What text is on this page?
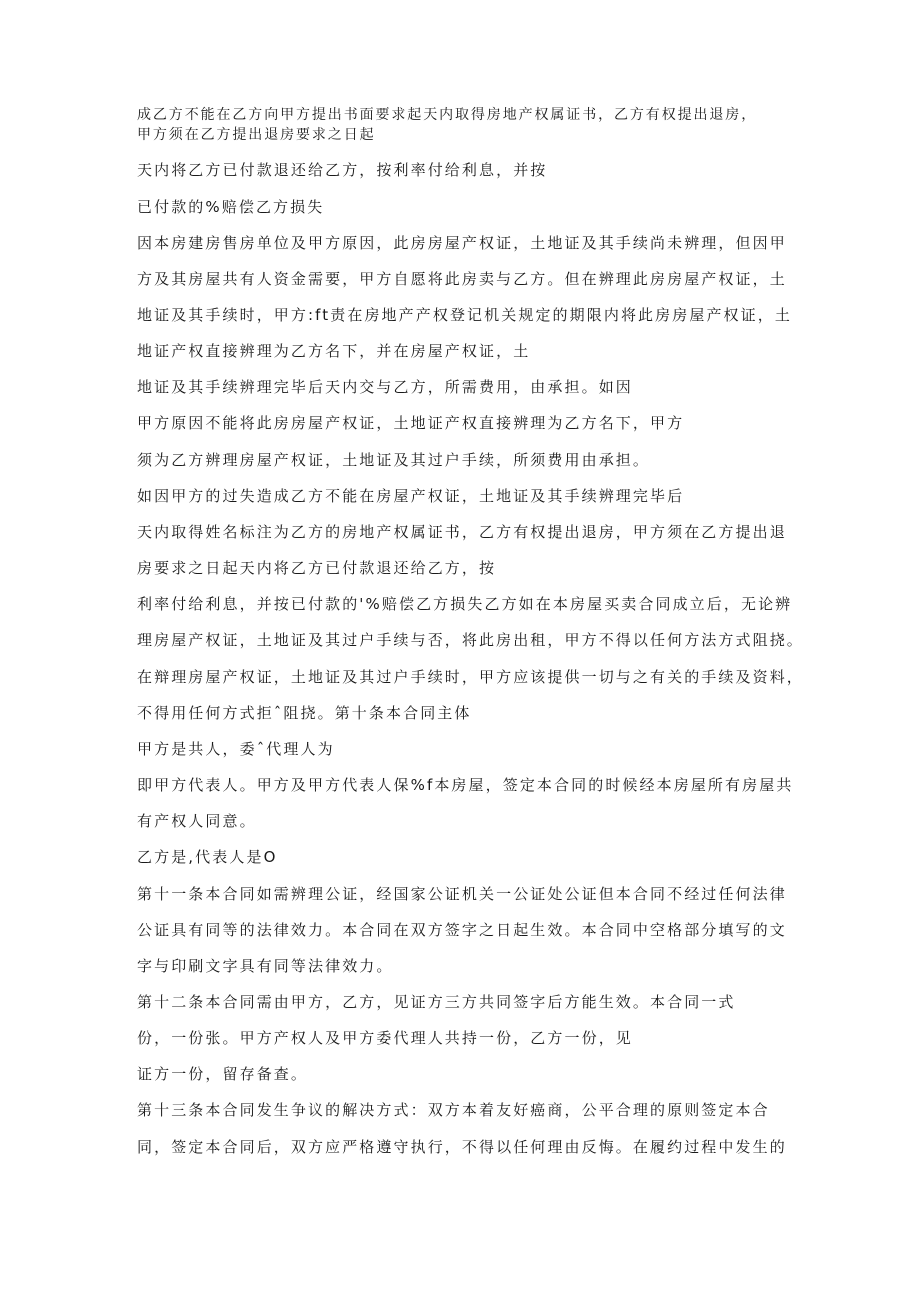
成乙方不能在乙方向甲方提出书面要求起天内取得房地产权属证书，乙方有权提出退房，
甲方须在乙方提出退房要求之日起
天内将乙方已付款退还给乙方，按利率付给利息，并按
已付款的%赔偿乙方损失
因本房建房售房单位及甲方原因，此房房屋产权证，土地证及其手续尚未辨理，但因甲
方及其房屋共有人资金需要，甲方自愿将此房卖与乙方。但在辨理此房房屋产权证，土
地证及其手续时，甲方:ft责在房地产产权登记机关规定的期限内将此房房屋产权证，土
地证产权直接辨理为乙方名下，并在房屋产权证，土
地证及其手续辨理完毕后天内交与乙方，所需费用，由承担。如因
甲方原因不能将此房房屋产权证，土地证产权直接辨理为乙方名下，甲方
须为乙方辨理房屋产权证，土地证及其过户手续，所须费用由承担。
如因甲方的过失造成乙方不能在房屋产权证，土地证及其手续辨理完毕后
天内取得姓名标注为乙方的房地产权属证书，乙方有权提出退房，甲方须在乙方提出退
房要求之日起天内将乙方已付款退还给乙方，按
利率付给利息，并按已付款的'%赔偿乙方损失乙方如在本房屋买卖合同成立后，无论辨
理房屋产权证，土地证及其过户手续与否，将此房出租，甲方不得以任何方法方式阻挠。
在辩理房屋产权证，土地证及其过户手续时，甲方应该提供一切与之有关的手续及资料，
不得用任何方式拒ˆ阻挠。第十条本合同主体
甲方是共人，委ˆ代理人为
即甲方代表人。甲方及甲方代表人保%f本房屋，签定本合同的时候经本房屋所有房屋共
有产权人同意。
乙方是,代表人是O
第十一条本合同如需辨理公证，经国家公证机关一公证处公证但本合同不经过任何法律
公证具有同等的法律效力。本合同在双方签字之日起生效。本合同中空格部分填写的文
字与印刷文字具有同等法律效力。
第十二条本合同需由甲方，乙方，见证方三方共同签字后方能生效。本合同一式
份，一份张。甲方产权人及甲方委代理人共持一份，乙方一份，见
证方一份，留存备查。
第十三条本合同发生争议的解决方式：双方本着友好癌商，公平合理的原则签定本合
同，签定本合同后，双方应严格遵守执行，不得以任何理由反悔。在履约过程中发生的
